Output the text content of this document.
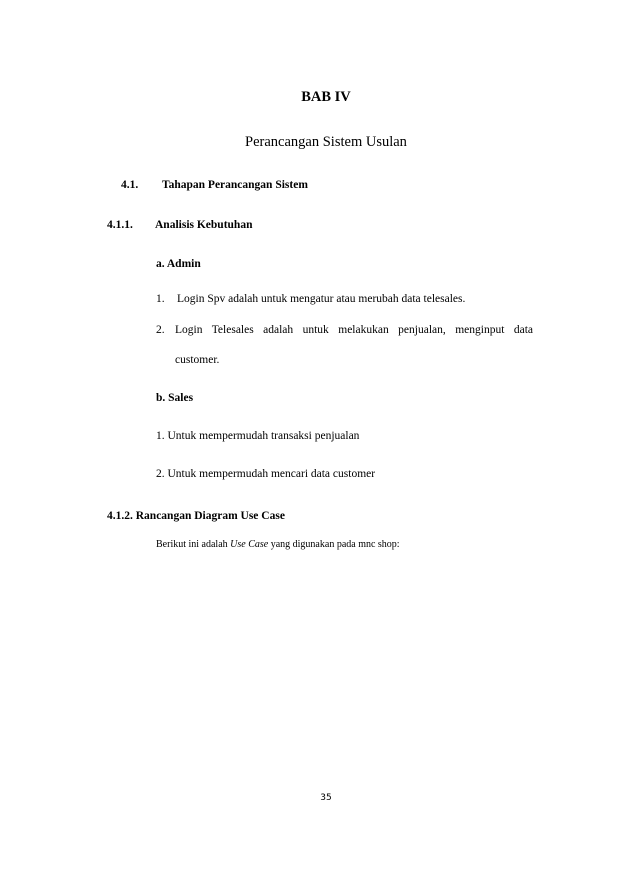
BAB IV
Perancangan Sistem Usulan
4.1. Tahapan Perancangan Sistem
4.1.1. Analisis Kebutuhan
a. Admin
1. Login Spv adalah untuk mengatur atau merubah data telesales.
2. Login Telesales adalah untuk melakukan penjualan, menginput data
customer.
b. Sales
1. Untuk mempermudah transaksi penjualan
2. Untuk mempermudah mencari data customer
4.1.2. Rancangan Diagram Use Case
Berikut ini adalah Use Case yang digunakan pada mnc shop:
35
